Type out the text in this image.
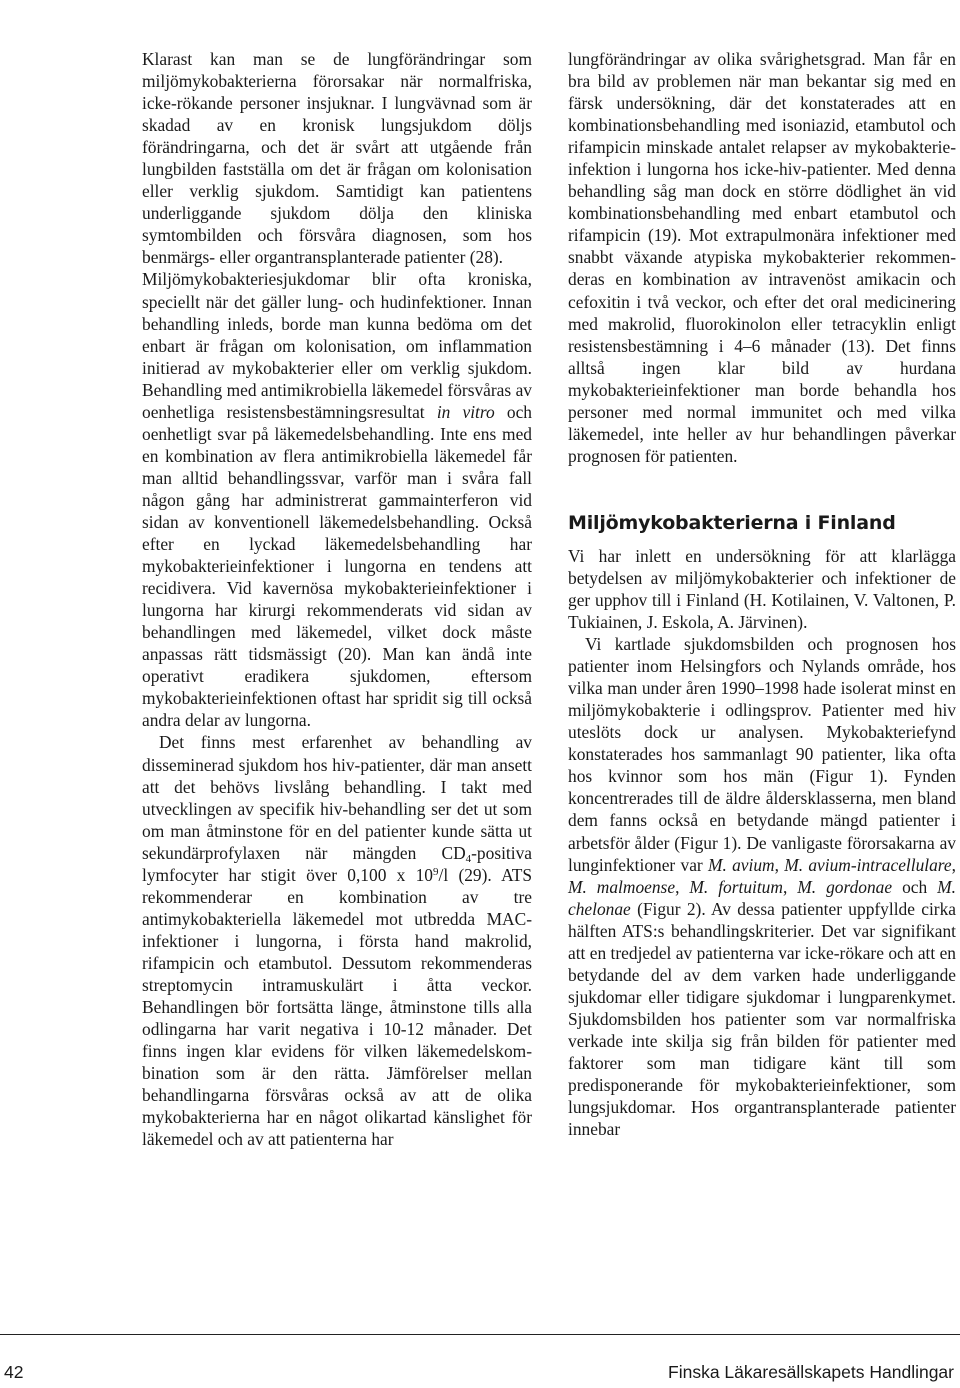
Klarast kan man se de lungförändringar som miljömykobakterierna förorsakar när normalfriska, icke-rökande personer insjuknar. I lungvävnad som är skadad av en kronisk lungsjukdom döljs förändringarna, och det är svårt att utgående från lungbilden fastställa om det är frågan om kolonisation eller verklig sjukdom. Samtidigt kan patientens underliggande sjukdom dölja den kliniska symtombilden och försvåra diagnosen, som hos benmärgs- eller organtransplanterade patienter (28).

Miljömykobakteriesjukdomar blir ofta kroniska, speciellt när det gäller lung- och hudinfektioner. Innan behandling inleds, borde man kunna bedöma om det enbart är frågan om kolonisation, om inflammation initierad av mykobakterier eller om verklig sjukdom. Behandling med antimikrobiella läkemedel försvåras av oenhetliga resistensbestämningsresultat in vitro och oenhetligt svar på läkemedelsbehandling. Inte ens med en kombination av flera antimikrobiella läkemedel får man alltid behandlingssvar, varför man i svåra fall någon gång har administrerat gammainterferon vid sidan av konventionell läkemedelsbehandling. Också efter en lyckad läkemedelsbehandling har mykobakterieinfektioner i lungorna en tendens att recidivera. Vid kavernösa mykobakterieinfektioner i lungorna har kirurgi rekommenderats vid sidan av behandlingen med läkemedel, vilket dock måste anpassas rätt tidsmässigt (20). Man kan ändå inte operativt eradikera sjukdomen, eftersom mykobakterieinfektionen oftast har spridit sig till också andra delar av lungorna.

Det finns mest erfarenhet av behandling av disseminerad sjukdom hos hiv-patienter, där man ansett att det behövs livslång behandling. I takt med utvecklingen av specifik hiv-behandling ser det ut som om man åtminstone för en del patienter kunde sätta ut sekundärprofylaxen när mängden $CD_4$-positiva lymfocyter har stigit över 0,100 x $10^9/l$ (29). ATS rekommenderar en kombination av tre antimykobakteriella läkemedel mot utbredda MAC-infektioner i lungorna, i första hand makrolid, rifampicin och etambutol. Dessutom rekommenderas streptomycin intramuskulärt i åtta veckor. Behandlingen bör fortsätta länge, åtminstone tills alla odlingarna har varit negativa i 10-12 månader. Det finns ingen klar evidens för vilken läkemedelskombination som är den rätta. Jämförelser mellan behandlingarna försvåras också av att de olika mykobakterierna har en något olikartad känslighet för läkemedel och av att patienterna har

lungförändringar av olika svårighetsgrad. Man får en bra bild av problemen när man bekantar sig med en färsk undersökning, där det konstaterades att en kombinationsbehandling med isoniazid, etambutol och rifampicin minskade antalet relapser av mykobakterieinfektion i lungorna hos icke-hiv-patienter. Med denna behandling såg man dock en större dödlighet än vid kombinationsbehandling med enbart etambutol och rifampicin (19). Mot extrapulmonära infektioner med snabbt växande atypiska mykobakterier rekommenderas en kombination av intravenöst amikacin och cefoxitin i två veckor, och efter det oral medicinering med makrolid, fluorokinolon eller tetracyklin enligt resistensbestämning i 4–6 månader (13). Det finns alltså ingen klar bild av hurdana mykobakterieinfektioner man borde behandla hos personer med normal immunitet och med vilka läkemedel, inte heller av hur behandlingen påverkar prognosen för patienten.

Miljömykobakterierna i Finland

Vi har inlett en undersökning för att klarlägga betydelsen av miljömykobakterier och infektioner de ger upphov till i Finland (H. Kotilainen, V. Valtonen, P. Tukiainen, J. Eskola, A. Järvinen).

Vi kartlade sjukdomsbilden och prognosen hos patienter inom Helsingfors och Nylands område, hos vilka man under åren 1990–1998 hade isolerat minst en miljömykobakterie i odlingsprov. Patienter med hiv uteslöts dock ur analysen. Mykobakteriefynd konstaterades hos sammanlagt 90 patienter, lika ofta hos kvinnor som hos män (Figur 1). Fynden koncentrerades till de äldre åldersklasserna, men bland dem fanns också en betydande mängd patienter i arbetsför ålder (Figur 1). De vanligaste förorsakarna av lunginfektioner var M. avium, M. avium-intracellulare, M. malmoense, M. fortuitum, M. gordonae och M. chelonae (Figur 2). Av dessa patienter uppfyllde cirka hälften ATS:s behandlingskriterier. Det var signifikant att en tredjedel av patienterna var icke-rökare och att en betydande del av dem varken hade underliggande sjukdomar eller tidigare sjukdomar i lungparenkymet. Sjukdomsbilden hos patienter som var normalfriska verkade inte skilja sig från bilden för patienter med faktorer som man tidigare känt till som predisponerande för mykobakterieinfektioner, som lungsjukdomar. Hos organtransplanterade patienter innebar

42	Finska Läkaresällskapets Handlingar
